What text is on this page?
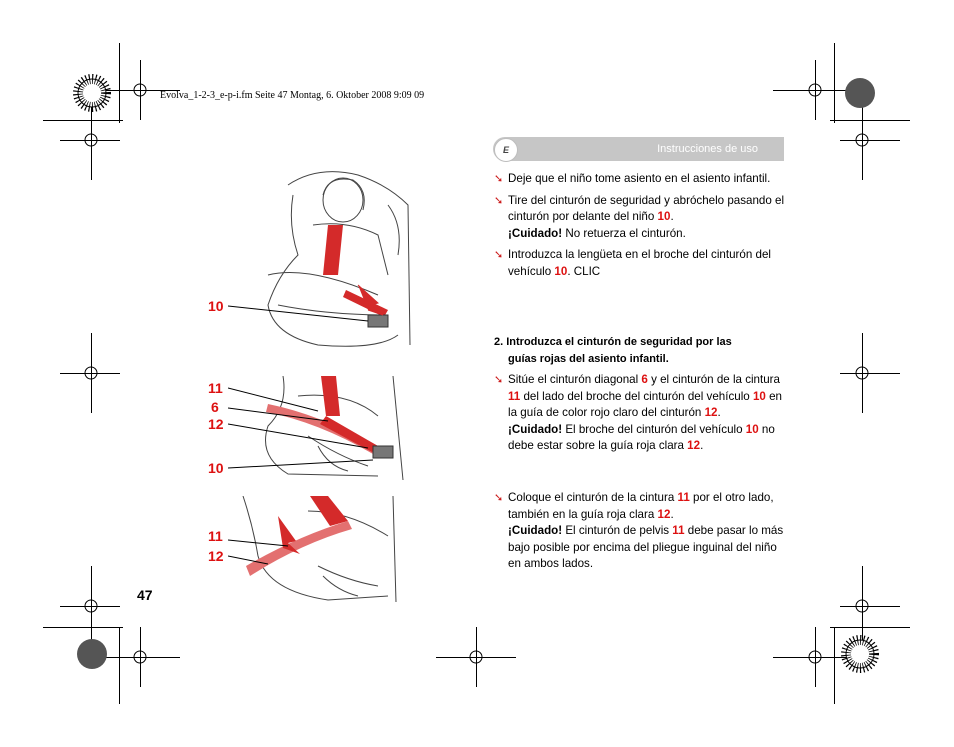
Evolva_1-2-3_e-p-i.fm Seite 47 Montag, 6. Oktober 2008 9:09 09
Instrucciones de uso
E
➘ Deje que el niño tome asiento en el asiento infantil.
➘ Tire del cinturón de seguridad y abróchelo pasando el cinturón por delante del niño 10.
¡Cuidado! No retuerza el cinturón.
➘ Introduzca la lengüeta en el broche del cinturón del vehículo 10. CLIC
2. Introduzca el cinturón de seguridad por las
guías rojas del asiento infantil.
➘ Sitúe el cinturón diagonal 6 y el cinturón de la cintura 11 del lado del broche del cinturón del vehículo 10 en la guía de color rojo claro del cinturón 12.
¡Cuidado! El broche del cinturón del vehículo 10 no debe estar sobre la guía roja clara 12.
➘ Coloque el cinturón de la cintura 11 por el otro lado, también en la guía roja clara 12.
¡Cuidado! El cinturón de pelvis 11 debe pasar lo más bajo posible por encima del pliegue inguinal del niño en ambos lados.
10
11
6
12
10
11
12
47
